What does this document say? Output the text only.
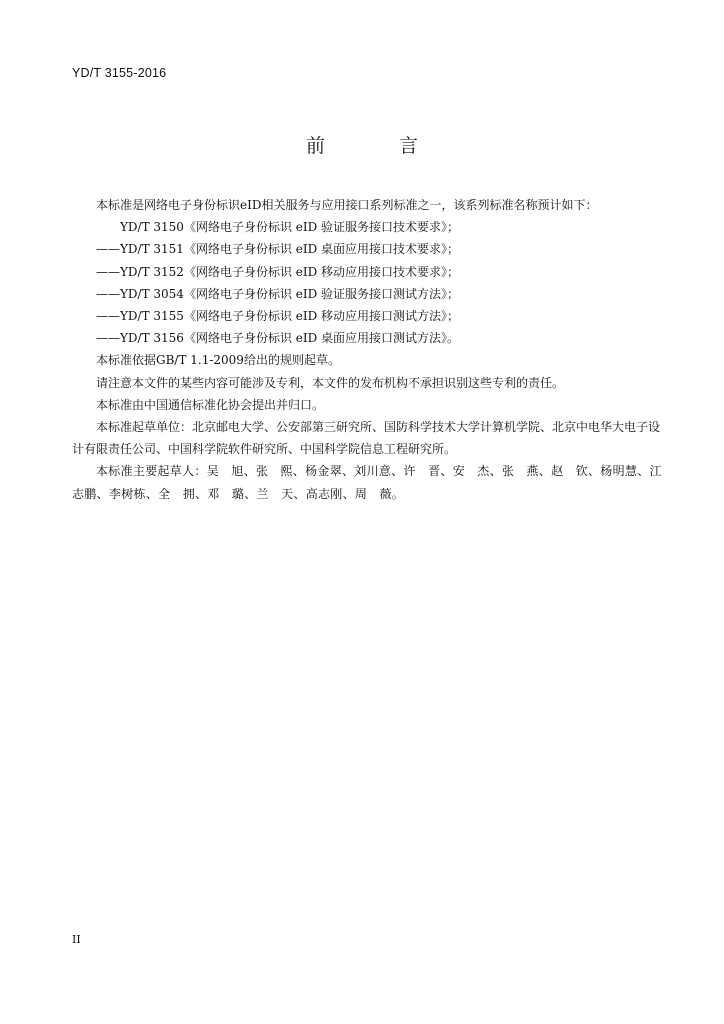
YD/T 3155-2016
前 言

本标准是网络电子身份标识eID相关服务与应用接口系列标准之一，该系列标准名称预计如下：

YD/T 3150《网络电子身份标识 eID 验证服务接口技术要求》；

——YD/T 3151《网络电子身份标识 eID 桌面应用接口技术要求》；

——YD/T 3152《网络电子身份标识 eID 移动应用接口技术要求》；

——YD/T 3054《网络电子身份标识 eID 验证服务接口测试方法》；

——YD/T 3155《网络电子身份标识 eID 移动应用接口测试方法》；

——YD/T 3156《网络电子身份标识 eID 桌面应用接口测试方法》。

本标准依据GB/T 1.1-2009给出的规则起草。

请注意本文件的某些内容可能涉及专利，本文件的发布机构不承担识别这些专利的责任。

本标准由中国通信标准化协会提出并归口。

本标准起草单位：北京邮电大学、公安部第三研究所、国防科学技术大学计算机学院、北京中电华大电子设计有限责任公司、中国科学院软件研究所、中国科学院信息工程研究所。

本标准主要起草人：吴　旭、张　熙、杨金翠、刘川意、许　晋、安　杰、张　燕、赵　钦、杨明慧、江志鹏、李树栋、全　拥、邓　璐、兰　天、高志刚、周　薇。

II
